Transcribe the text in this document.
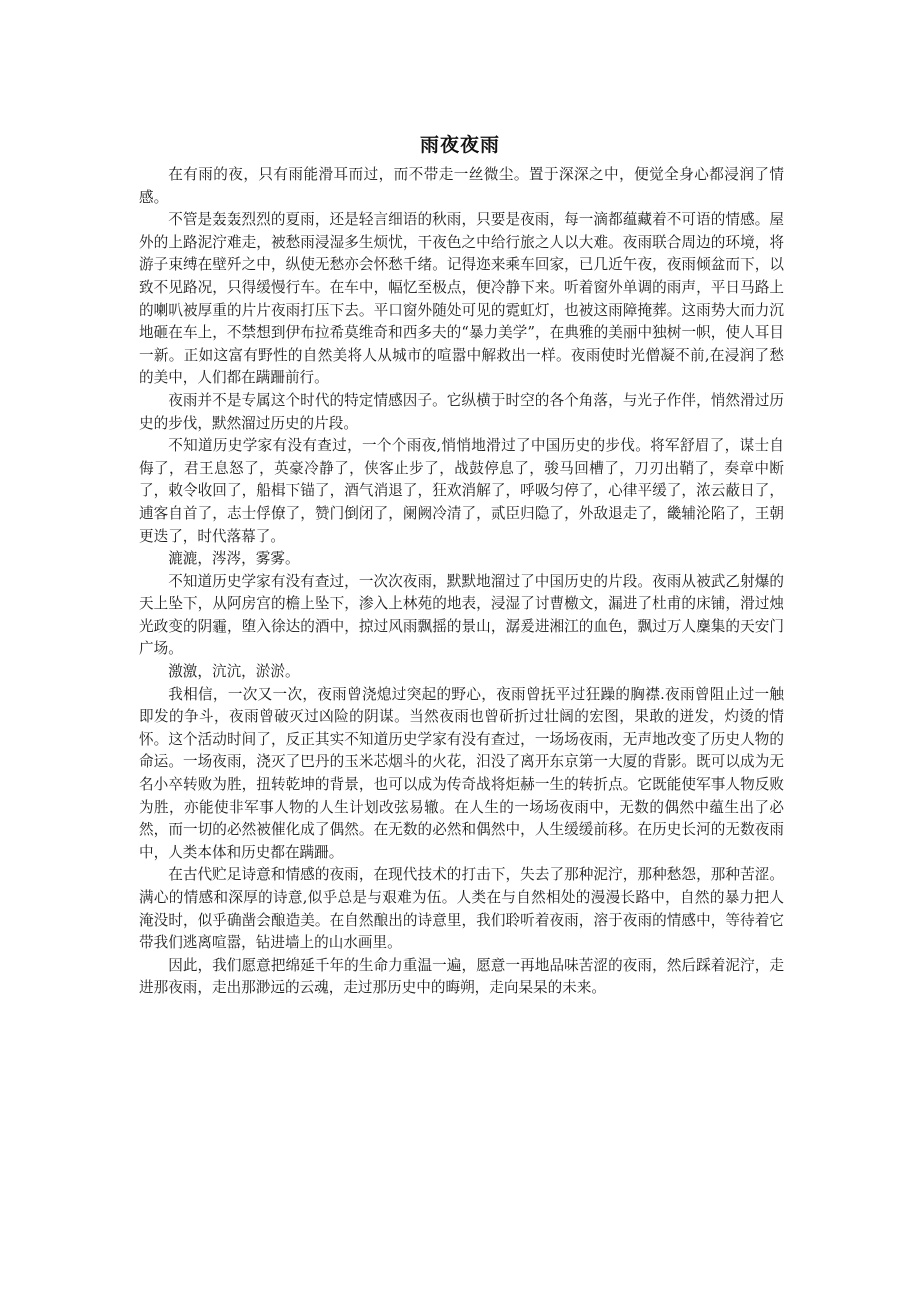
雨夜夜雨

在有雨的夜，只有雨能滑耳而过，而不带走一丝微尘。置于深深之中，便觉全身心都浸润了情感。

不管是轰轰烈烈的夏雨，还是轻言细语的秋雨，只要是夜雨，每一滴都蕴藏着不可语的情感。屋外的上路泥泞难走，被愁雨浸湿多生烦忧，干夜色之中给行旅之人以大难。夜雨联合周边的环境，将游子束缚在壁歼之中，纵使无愁亦会怀愁千绪。记得迩来乘车回家，已几近午夜，夜雨倾盆而下，以致不见路况，只得缓慢行车。在车中，幅忆至极点，便冷静下来。听着窗外单调的雨声，平日马路上的喇叭被厚重的片片夜雨打压下去。平口窗外随处可见的霓虹灯，也被这雨障掩葬。这雨势大而力沉地砸在车上，不禁想到伊布拉希莫维奇和西多夫的“暴力美学”，在典雅的美丽中独树一帜，使人耳目一新。正如这富有野性的自然美将人从城市的喧嚣中解救出一样。夜雨使时光僧凝不前,在浸润了愁的美中，人们都在蹒跚前行。

夜雨并不是专属这个时代的特定情感因子。它纵横于时空的各个角落，与光子作伴，悄然滑过历史的步伐，默然溜过历史的片段。

不知道历史学家有没有查过，一个个雨夜,悄悄地滑过了中国历史的步伐。将军舒眉了，谋士自侮了，君王息怒了，英豪冷静了，侠客止步了，战鼓停息了，骏马回槽了，刀刃出鞘了，奏章中断了，敕令收回了，船楫下锚了，酒气消退了，狂欢消解了，呼吸匀停了，心律平缓了，浓云蔽日了，逋客自首了，志士俘僚了，赞门倒闭了，阑阙冷清了，贰臣归隐了，外敌退走了，畿辅沦陷了，王朝更迭了，时代落幕了。

漉漉，涔涔，雾雾。

不知道历史学家有没有查过，一次次夜雨，默默地溜过了中国历史的片段。夜雨从被武乙射爆的天上坠下，从阿房宫的檐上坠下，渗入上林苑的地表，浸湿了讨曹檄文，漏进了杜甫的床铺，滑过烛光政变的阴霾，堕入徐达的酒中，掠过风雨飘摇的景山，潺爰进湘江的血色，飘过万人麇集的天安门广场。

激激，沆沆，淤淤。

我相信，一次又一次，夜雨曾浇熄过突起的野心，夜雨曾抚平过狂躁的胸襟.夜雨曾阻止过一触即发的争斗，夜雨曾破灭过凶险的阴谋。当然夜雨也曾斫折过壮阔的宏图，果敢的迸发，灼烫的情怀。这个活动时间了，反正其实不知道历史学家有没有查过，一场场夜雨，无声地改变了历史人物的命运。一场夜雨，浇灭了巴丹的玉米芯烟斗的火花，汨没了离开东京第一大厦的背影。既可以成为无名小卒转败为胜，扭转乾坤的背景，也可以成为传奇战将炬赫一生的转折点。它既能使军事人物反败为胜，亦能使非军事人物的人生计划改弦易辙。在人生的一场场夜雨中，无数的偶然中蕴生出了必然，而一切的必然被催化成了偶然。在无数的必然和偶然中，人生缓缓前移。在历史长河的无数夜雨中，人类本体和历史都在蹒跚。

在古代贮足诗意和情感的夜雨，在现代技术的打击下，失去了那种泥泞，那种愁怨，那种苦涩。满心的情感和深厚的诗意,似乎总是与艰难为伍。人类在与自然相处的漫漫长路中，自然的暴力把人淹没时，似乎确凿会酿造美。在自然酿出的诗意里，我们聆听着夜雨，溶于夜雨的情感中，等待着它带我们逃离喧嚣，钻进墙上的山水画里。

因此，我们愿意把绵延千年的生命力重温一遍，愿意一再地品味苦涩的夜雨，然后踩着泥泞，走进那夜雨，走出那渺远的云魂，走过那历史中的晦朔，走向杲杲的未来。
